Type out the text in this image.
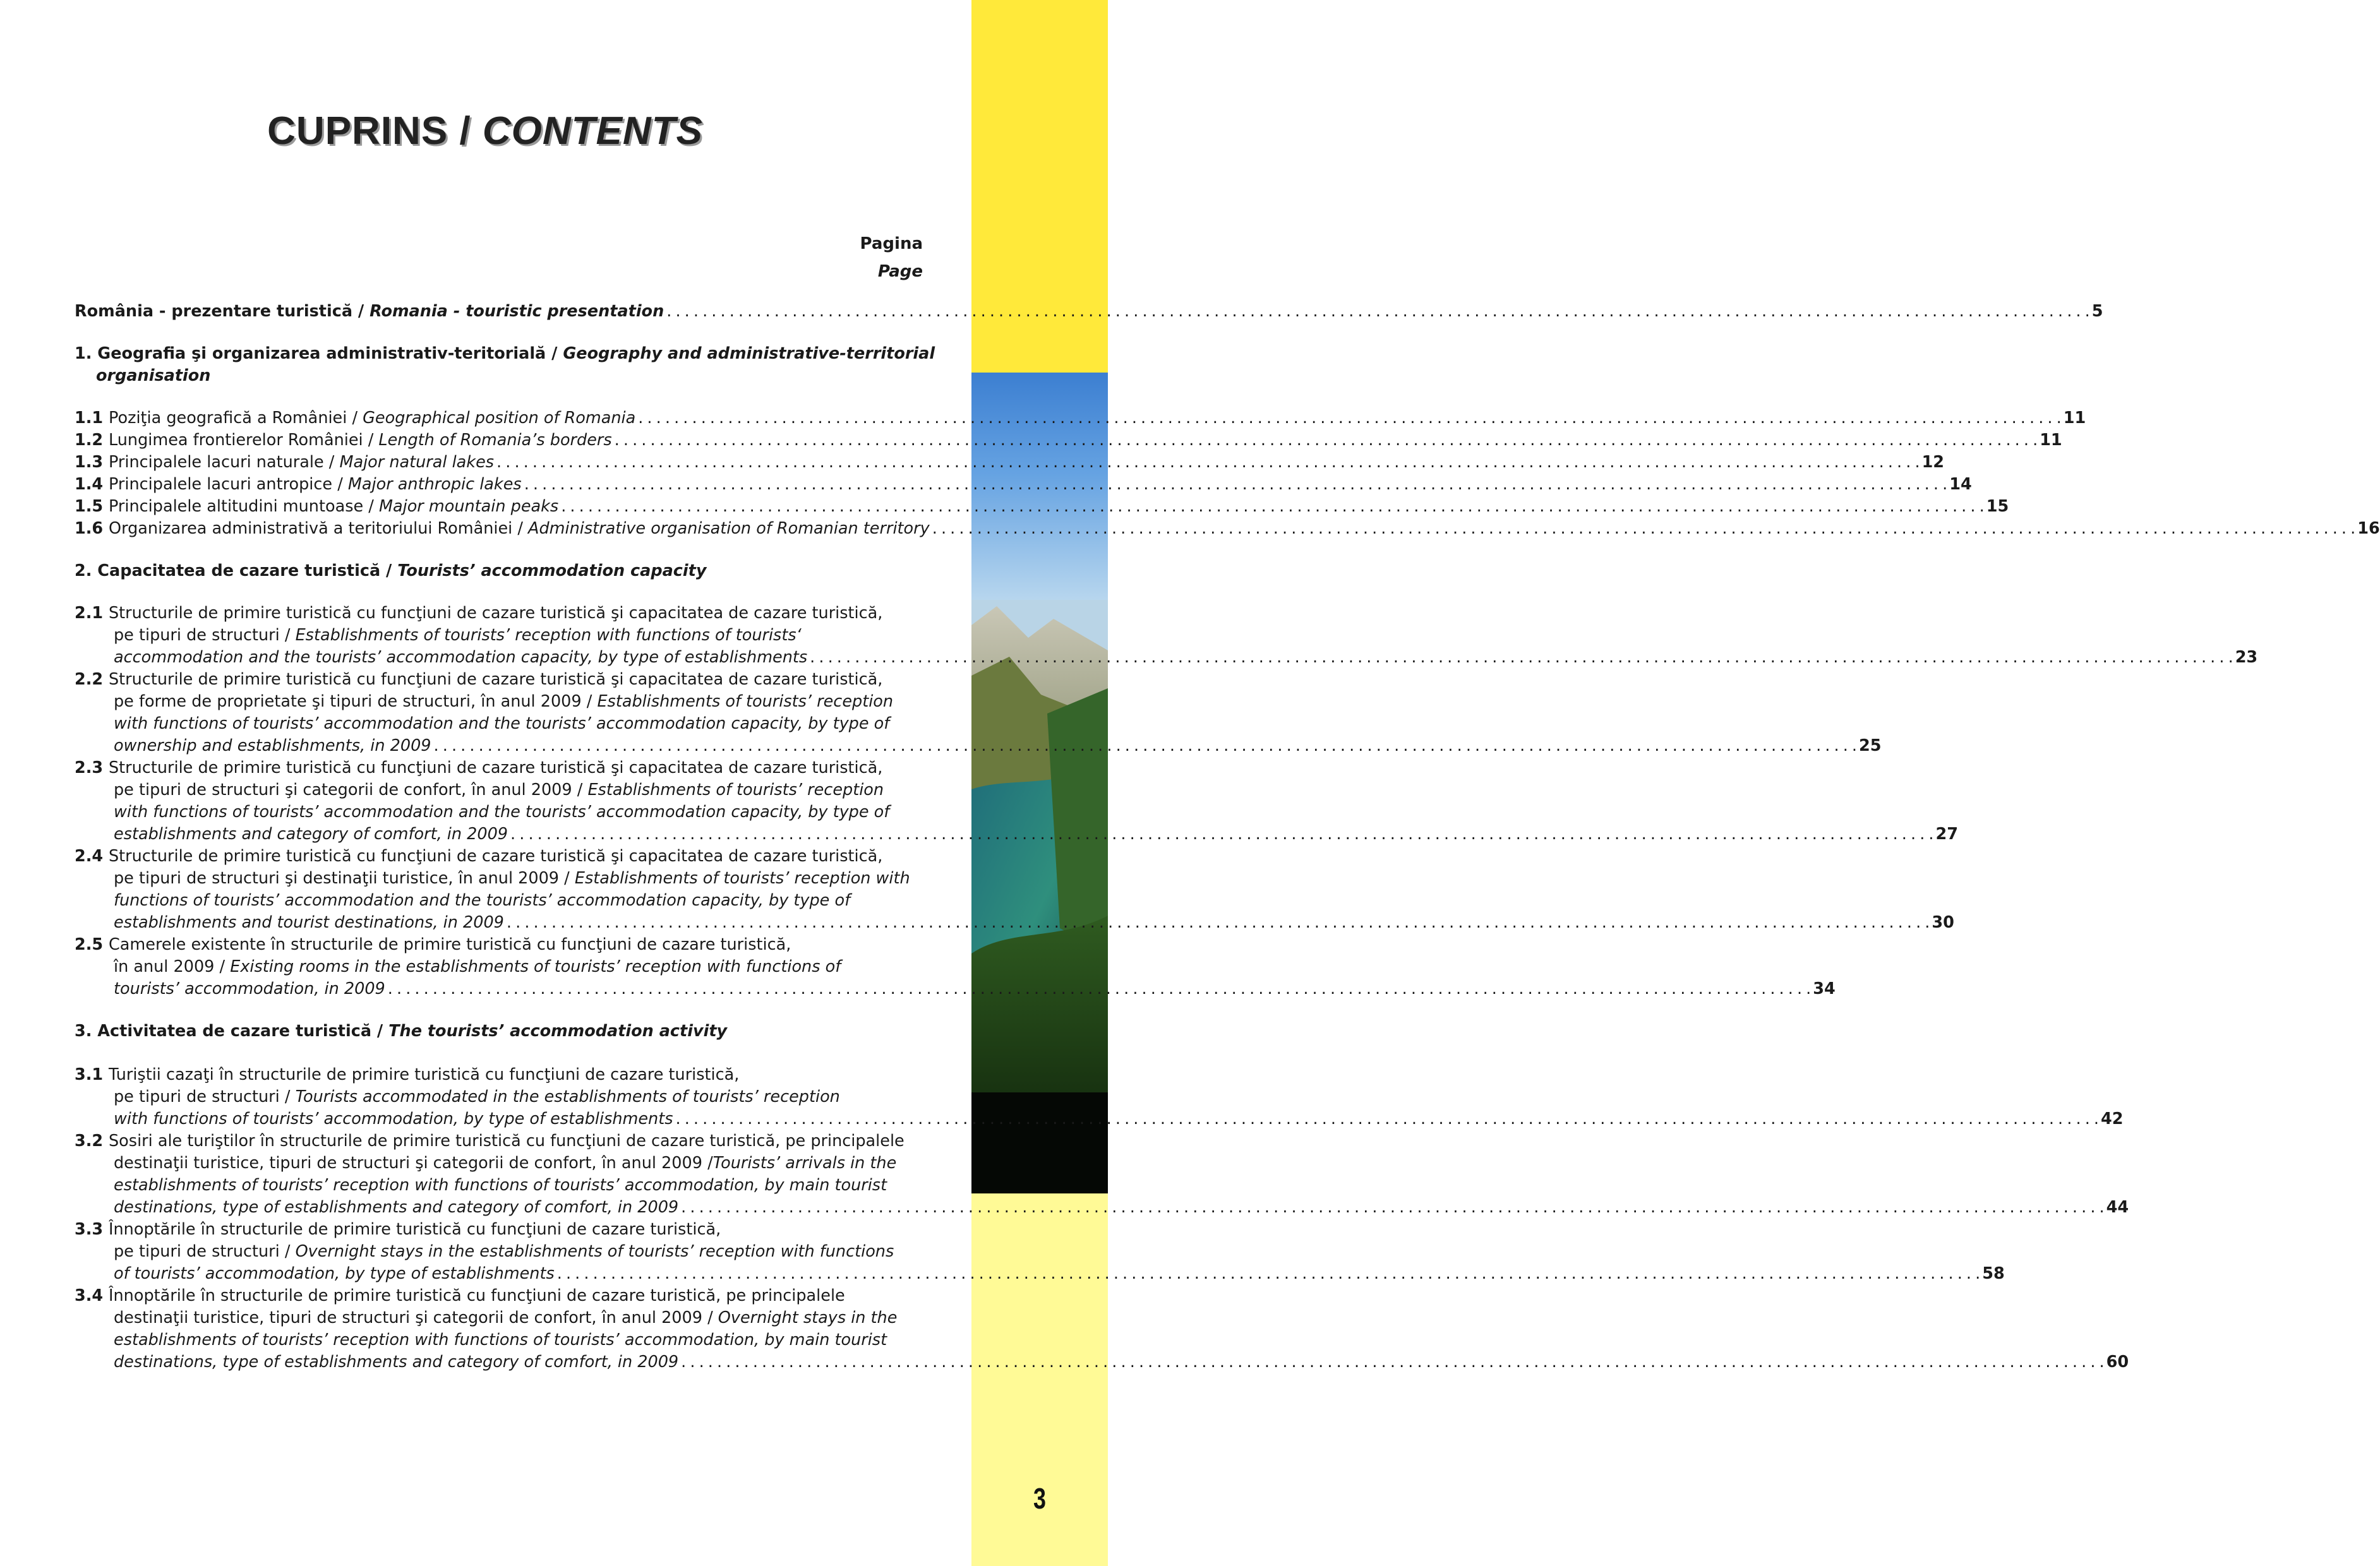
3
CUPRINS / CONTENTS
Pagina
Page
România - prezentare turistică / Romania - touristic presentation . . .	5
1. Geografia şi organizarea administrativ-teritorială / Geography and administrative-territorial
organisation
1.1 Poziţia geografică a României / Geographical position of Romania . . .	11
1.2 Lungimea frontierelor României / Length of Romania’s borders . . .	11
1.3 Principalele lacuri naturale / Major natural lakes . . .	12
1.4 Principalele lacuri antropice / Major anthropic lakes . . .	14
1.5 Principalele altitudini muntoase / Major mountain peaks . . .	15
1.6 Organizarea administrativă a teritoriului României / Administrative organisation of Romanian territory . . .	16
2. Capacitatea de cazare turistică / Tourists’ accommodation capacity
2.1 Structurile de primire turistică cu funcţiuni de cazare turistică şi capacitatea de cazare turistică,
pe tipuri de structuri / Establishments of tourists’ reception with functions of tourists‘
accommodation and the tourists’ accommodation capacity, by type of establishments . . .	23
2.2 Structurile de primire turistică cu funcţiuni de cazare turistică şi capacitatea de cazare turistică,
pe forme de proprietate şi tipuri de structuri, în anul 2009 / Establishments of tourists’ reception
with functions of tourists’ accommodation and the tourists’ accommodation capacity, by type of
ownership and establishments, in 2009 . . .	25
2.3 Structurile de primire turistică cu funcţiuni de cazare turistică şi capacitatea de cazare turistică,
pe tipuri de structuri şi categorii de confort, în anul 2009 / Establishments of tourists’ reception
with functions of tourists’ accommodation and the tourists’ accommodation capacity, by type of
establishments and category of comfort, in 2009 . . .	27
2.4 Structurile de primire turistică cu funcţiuni de cazare turistică şi capacitatea de cazare turistică,
pe tipuri de structuri şi destinaţii turistice, în anul 2009 / Establishments of tourists’ reception with
functions of tourists’ accommodation and the tourists’ accommodation capacity, by type of
establishments and tourist destinations, in 2009 . . .	30
2.5 Camerele existente în structurile de primire turistică cu funcţiuni de cazare turistică,
în anul 2009 / Existing rooms in the establishments of tourists’ reception with functions of
tourists’ accommodation, in 2009 . . .	34
3. Activitatea de cazare turistică / The tourists’ accommodation activity
3.1 Turiştii cazaţi în structurile de primire turistică cu funcţiuni de cazare turistică,
pe tipuri de structuri / Tourists accommodated in the establishments of tourists’ reception
with functions of tourists’ accommodation, by type of establishments . . .	42
3.2 Sosiri ale turiştilor în structurile de primire turistică cu funcţiuni de cazare turistică, pe principalele
destinaţii turistice, tipuri de structuri şi categorii de confort, în anul 2009 /Tourists’ arrivals in the
establishments of tourists’ reception with functions of tourists’ accommodation, by main tourist
destinations, type of establishments and category of comfort, in 2009 . . .	44
3.3 Înnoptările în structurile de primire turistică cu funcţiuni de cazare turistică,
pe tipuri de structuri / Overnight stays in the establishments of tourists’ reception with functions
of tourists’ accommodation, by type of establishments . . .	58
3.4 Înnoptările în structurile de primire turistică cu funcţiuni de cazare turistică, pe principalele
destinaţii turistice, tipuri de structuri şi categorii de confort, în anul 2009 / Overnight stays in the
establishments of tourists’ reception with functions of tourists’ accommodation, by main tourist
destinations, type of establishments and category of comfort, in 2009 . . .	60
